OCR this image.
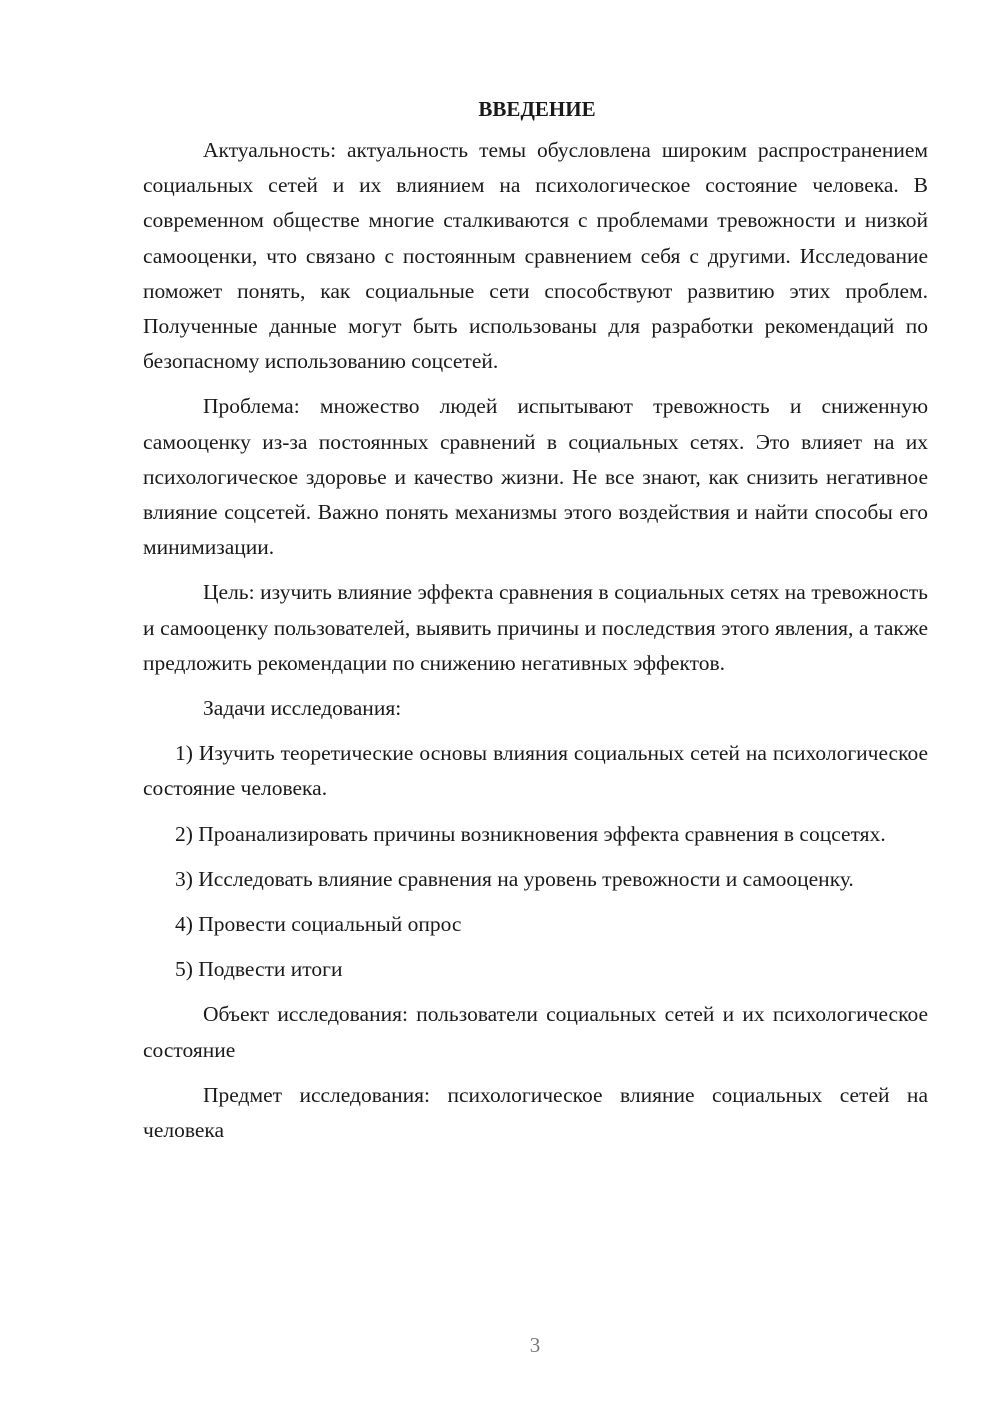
ВВЕДЕНИЕ

Актуальность: актуальность темы обусловлена широким распространением социальных сетей и их влиянием на психологическое состояние человека. В современном обществе многие сталкиваются с проблемами тревожности и низкой самооценки, что связано с постоянным сравнением себя с другими. Исследование поможет понять, как социальные сети способствуют развитию этих проблем. Полученные данные могут быть использованы для разработки рекомендаций по безопасному использованию соцсетей.

Проблема: множество людей испытывают тревожность и сниженную самооценку из-за постоянных сравнений в социальных сетях. Это влияет на их психологическое здоровье и качество жизни. Не все знают, как снизить негативное влияние соцсетей. Важно понять механизмы этого воздействия и найти способы его минимизации.

Цель: изучить влияние эффекта сравнения в социальных сетях на тревожность и самооценку пользователей, выявить причины и последствия этого явления, а также предложить рекомендации по снижению негативных эффектов.

Задачи исследования:

1) Изучить теоретические основы влияния социальных сетей на психологическое состояние человека.

2) Проанализировать причины возникновения эффекта сравнения в соцсетях.

3) Исследовать влияние сравнения на уровень тревожности и самооценку.

4) Провести социальный опрос

5) Подвести итоги

Объект исследования: пользователи социальных сетей и их психологическое состояние

Предмет исследования: психологическое влияние социальных сетей на человека

3
